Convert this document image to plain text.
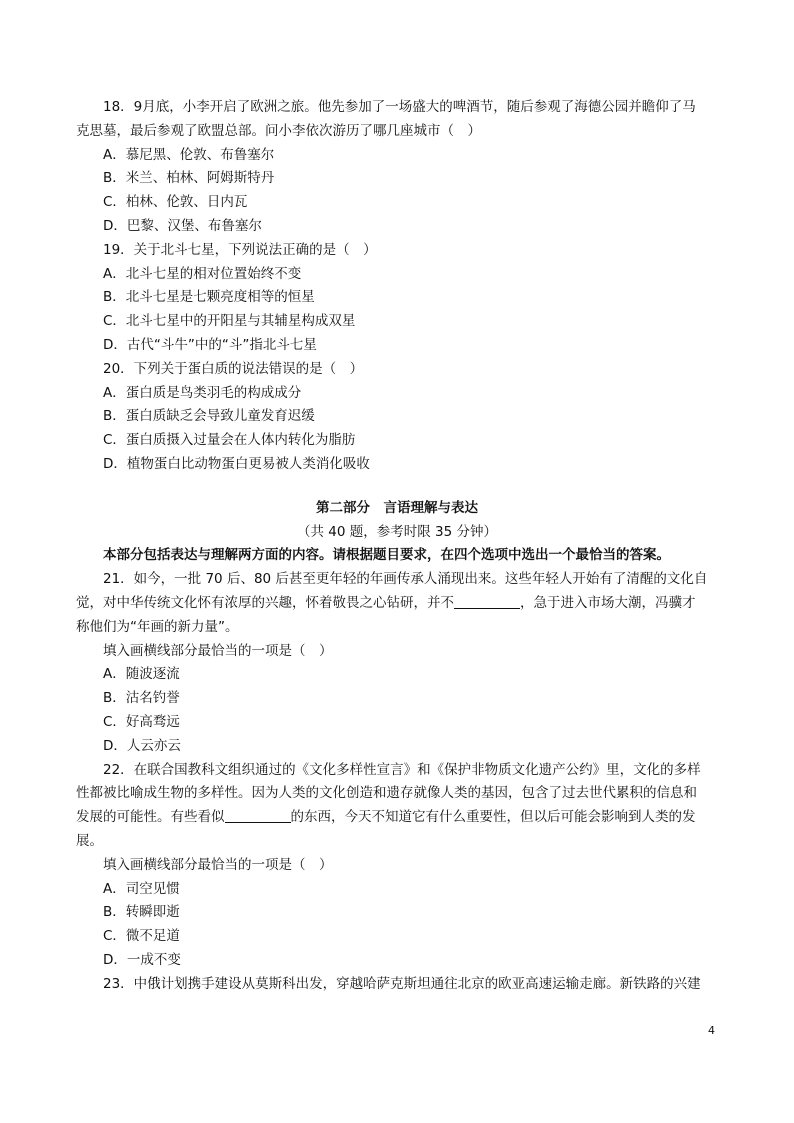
18．9月底，小李开启了欧洲之旅。他先参加了一场盛大的啤酒节，随后参观了海德公园并瞻仰了马
克思墓，最后参观了欧盟总部。问小李依次游历了哪几座城市（　）
A．慕尼黑、伦敦、布鲁塞尔
B．米兰、柏林、阿姆斯特丹
C．柏林、伦敦、日内瓦
D．巴黎、汉堡、布鲁塞尔
19．关于北斗七星，下列说法正确的是（　）
A．北斗七星的相对位置始终不变
B．北斗七星是七颗亮度相等的恒星
C．北斗七星中的开阳星与其辅星构成双星
D．古代“斗牛”中的“斗”指北斗七星
20．下列关于蛋白质的说法错误的是（　）
A．蛋白质是鸟类羽毛的构成成分
B．蛋白质缺乏会导致儿童发育迟缓
C．蛋白质摄入过量会在人体内转化为脂肪
D．植物蛋白比动物蛋白更易被人类消化吸收
第二部分　言语理解与表达
（共 40 题，参考时限 35 分钟）
本部分包括表达与理解两方面的内容。请根据题目要求，在四个选项中选出一个最恰当的答案。
21．如今，一批 70 后、80 后甚至更年轻的年画传承人涌现出来。这些年轻人开始有了清醒的文化自
觉，对中华传统文化怀有浓厚的兴趣，怀着敬畏之心钻研，并不	，急于进入市场大潮，冯骥才
称他们为“年画的新力量”。
填入画横线部分最恰当的一项是（　）
A．随波逐流
B．沽名钓誉
C．好高骛远
D．人云亦云
22．在联合国教科文组织通过的《文化多样性宣言》和《保护非物质文化遗产公约》里，文化的多样
性都被比喻成生物的多样性。因为人类的文化创造和遗存就像人类的基因，包含了过去世代累积的信息和
发展的可能性。有些看似	的东西，今天不知道它有什么重要性，但以后可能会影响到人类的发
展。
填入画横线部分最恰当的一项是（　）
A．司空见惯
B．转瞬即逝
C．微不足道
D．一成不变
23．中俄计划携手建设从莫斯科出发，穿越哈萨克斯坦通往北京的欧亚高速运输走廊。新铁路的兴建
4
